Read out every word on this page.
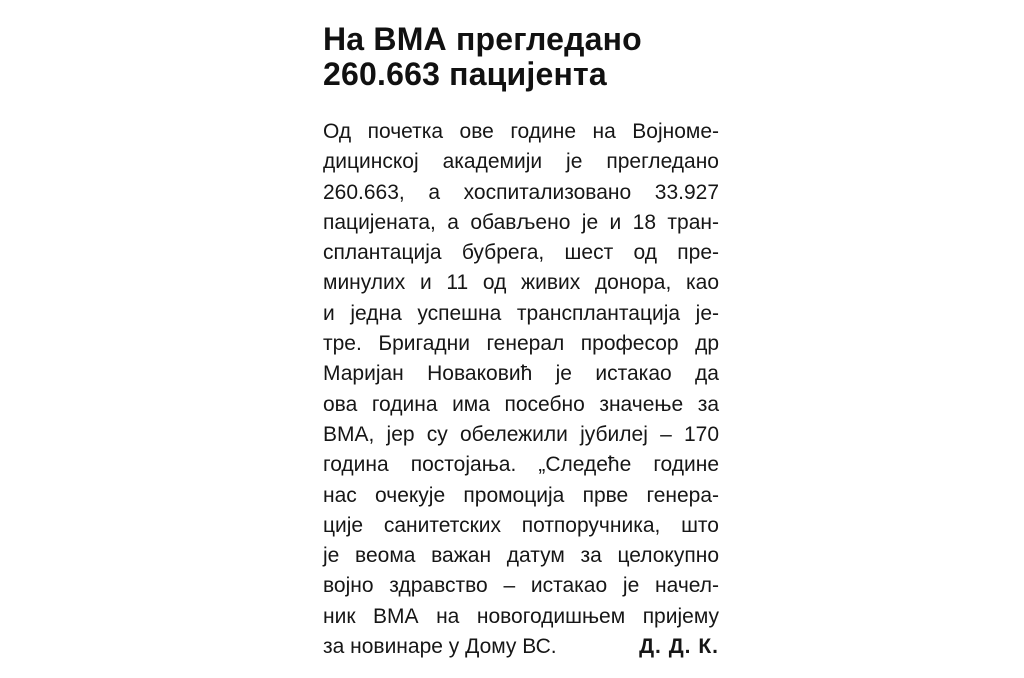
На ВМА прегледано
260.663 пацијента
Од почетка ове године на Војноме-
дицинској академији је прегледано
260.663, а хоспитализовано 33.927
пацијената, а обављено је и 18 тран-
сплантација бубрега, шест од пре-
минулих и 11 од живих донора, као
и једна успешна трансплантација је-
тре. Бригадни генерал професор др
Маријан Новаковић је истакао да
ова година има посебно значење за
ВМА, јер су обележили јубилеј – 170
година постојања. „Следеће године
нас очекује промоција прве генера-
ције санитетских потпоручника, што
је веома важан датум за целокупно
војно здравство – истакао је начел-
ник ВМА на новогодишњем пријему
за новинаре у Дому ВС.	Д. Д. К.
